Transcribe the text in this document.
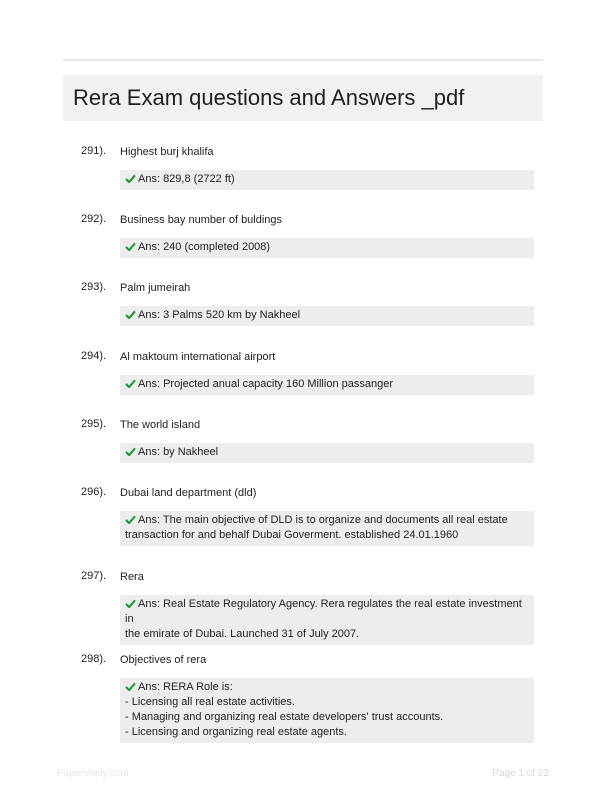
Rera Exam questions and Answers _pdf
291). Highest burj khalifa
Ans: 829,8 (2722 ft)
292). Business bay number of buldings
Ans: 240 (completed 2008)
293). Palm jumeirah
Ans: 3 Palms 520 km by Nakheel
294). Al maktoum international airport
Ans: Projected anual capacity 160 Million passanger
295). The world island
Ans: by Nakheel
296). Dubai land department (dld)
Ans: The main objective of DLD is to organize and documents all real estate
transaction for and behalf Dubai Goverment. established 24.01.1960
297). Rera
Ans: Real Estate Regulatory Agency. Rera regulates the real estate investment in
the emirate of Dubai. Launched 31 of July 2007.
298). Objectives of rera
Ans: RERA Role is:
- Licensing all real estate activities.
- Managing and organizing real estate developers' trust accounts.
- Licensing and organizing real estate agents.
Paperstudy.com	Page 1 of 22
